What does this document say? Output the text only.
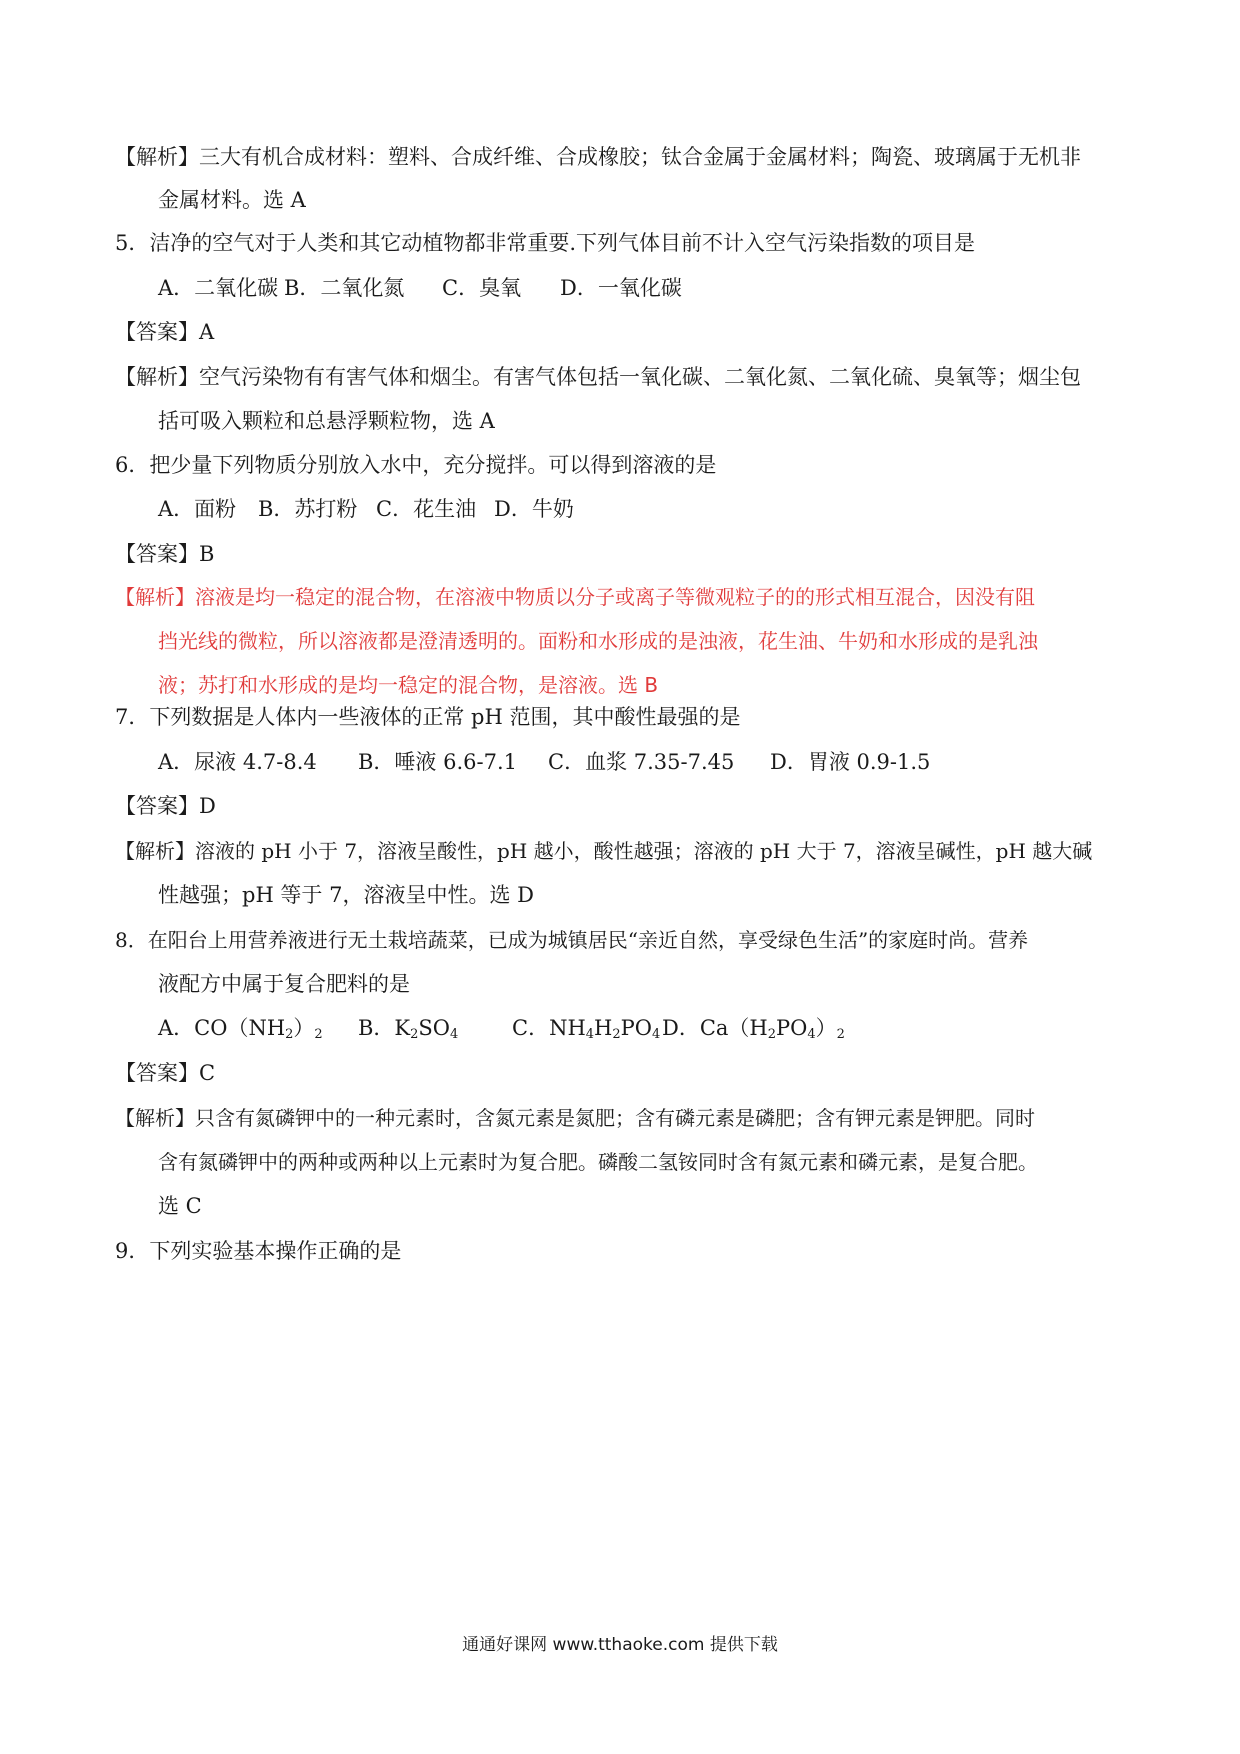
【解析】三大有机合成材料：塑料、合成纤维、合成橡胶；钛合金属于金属材料；陶瓷、玻璃属于无机非
金属材料。选 A
5．洁净的空气对于人类和其它动植物都非常重要.下列气体目前不计入空气污染指数的项目是
A．二氧化碳 B．二氧化氮 C．臭氧 D．一氧化碳
【答案】A
【解析】空气污染物有有害气体和烟尘。有害气体包括一氧化碳、二氧化氮、二氧化硫、臭氧等；烟尘包
括可吸入颗粒和总悬浮颗粒物，选 A
6．把少量下列物质分别放入水中，充分搅拌。可以得到溶液的是
A．面粉 B．苏打粉 C．花生油 D．牛奶
【答案】B
【解析】溶液是均一稳定的混合物，在溶液中物质以分子或离子等微观粒子的的形式相互混合，因没有阻
挡光线的微粒，所以溶液都是澄清透明的。面粉和水形成的是浊液，花生油、牛奶和水形成的是乳浊
液；苏打和水形成的是均一稳定的混合物，是溶液。选 B
7．下列数据是人体内一些液体的正常 pH 范围，其中酸性最强的是
A．尿液 4.7-8.4 B．唾液 6.6-7.1 C．血浆 7.35-7.45 D．胃液 0.9-1.5
【答案】D
【解析】溶液的 pH 小于 7，溶液呈酸性，pH 越小，酸性越强；溶液的 pH 大于 7，溶液呈碱性，pH 越大碱
性越强；pH 等于 7，溶液呈中性。选 D
8．在阳台上用营养液进行无土栽培蔬菜，已成为城镇居民“亲近自然，享受绿色生活”的家庭时尚。营养
液配方中属于复合肥料的是
A．$CO(NH_2)_2$ B．$K_2SO_4$	C．$NH_4H_2PO_4D$．$Ca(H_2PO_4)_2$
【答案】C
【解析】只含有氮磷钾中的一种元素时，含氮元素是氮肥；含有磷元素是磷肥；含有钾元素是钾肥。同时
含有氮磷钾中的两种或两种以上元素时为复合肥。磷酸二氢铵同时含有氮元素和磷元素，是复合肥。
选 C
9．下列实验基本操作正确的是
通通好课网 www.tthaoke.com 提供下载
